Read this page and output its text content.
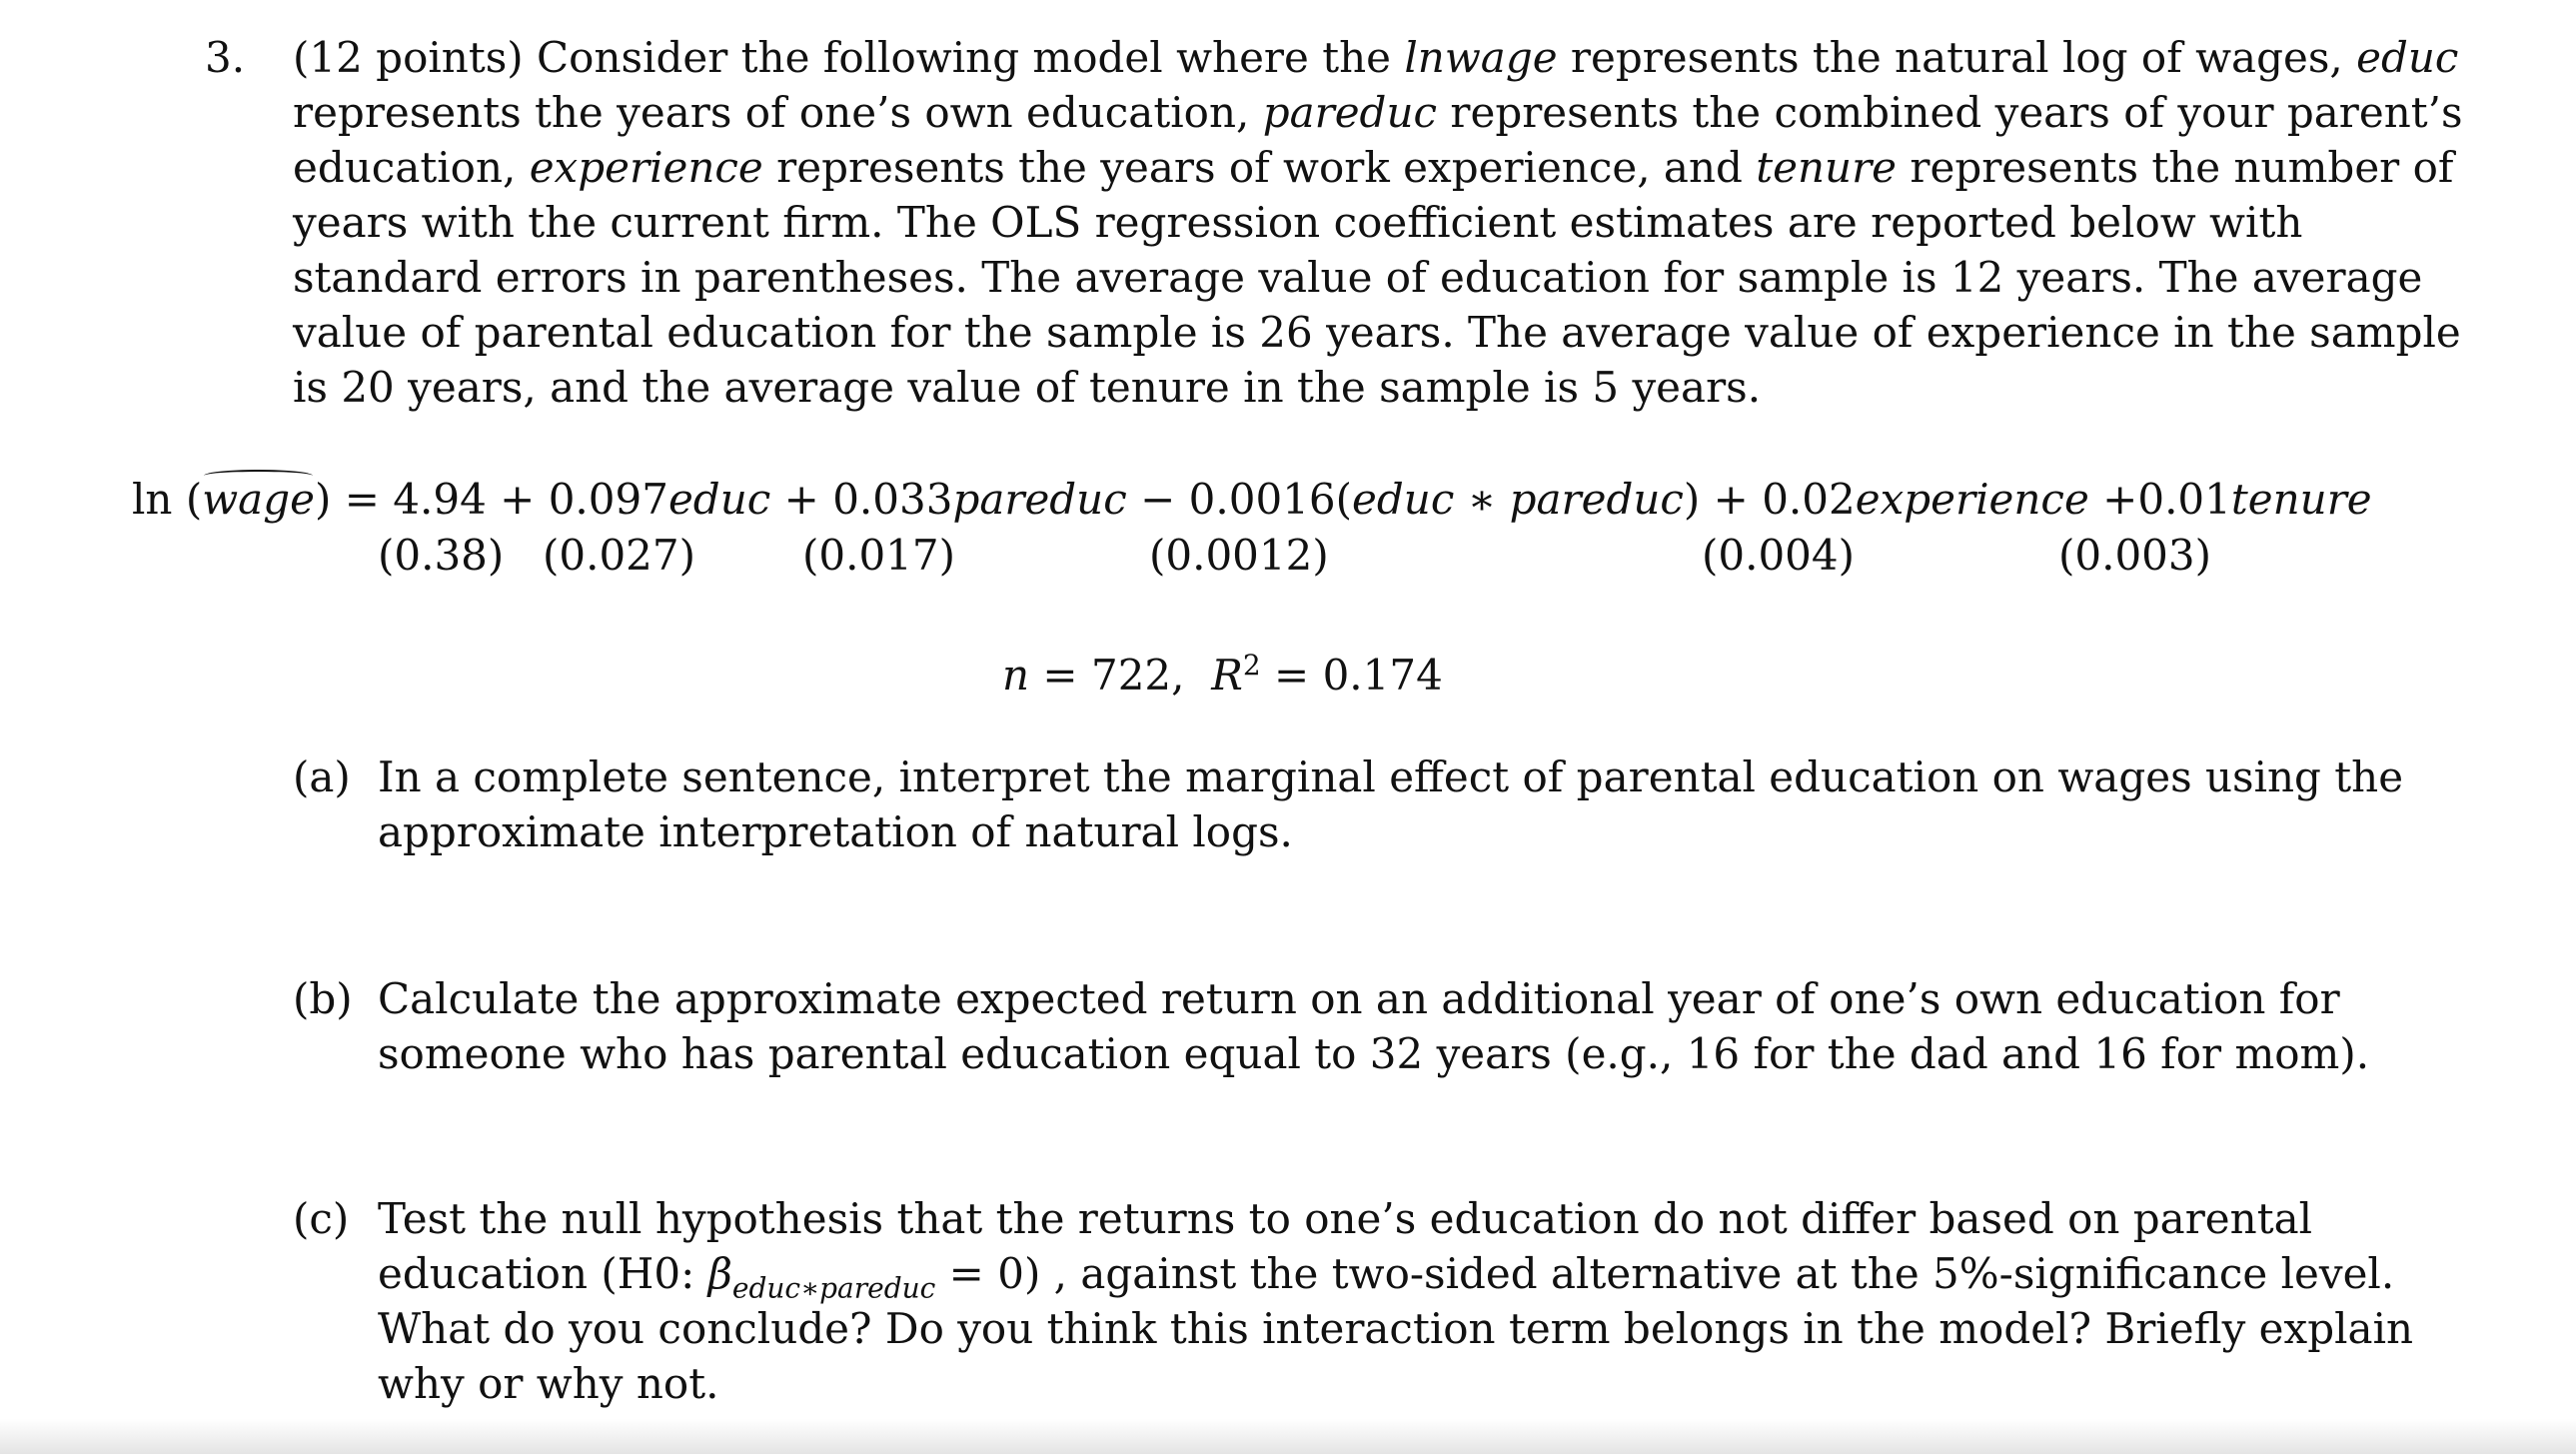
3. (12 points) Consider the following model where the lnwage represents the natural log of wages, educ
represents the years of one’s own education, pareduc represents the combined years of your parent’s
education, experience represents the years of work experience, and tenure represents the number of
years with the current firm. The OLS regression coefficient estimates are reported below with
standard errors in parentheses. The average value of education for sample is 12 years. The average
value of parental education for the sample is 26 years. The average value of experience in the sample
is 20 years, and the average value of tenure in the sample is 5 years.
ln (wage) = 4.94 + 0.097educ + 0.033pareduc − 0.0016(educ ∗ pareduc) + 0.02experience +0.01tenure
(0.38) (0.027)	(0.017)	(0.0012)	(0.004)	(0.003)
n = 722,  $R^2 = 0.174$
(a) In a complete sentence, interpret the marginal effect of parental education on wages using the
approximate interpretation of natural logs.
(b) Calculate the approximate expected return on an additional year of one’s own education for
someone who has parental education equal to 32 years (e.g., 16 for the dad and 16 for mom).
(c) Test the null hypothesis that the returns to one’s education do not differ based on parental
education (H0: $\beta_{educ∗pareduc} = 0$) , against the two-sided alternative at the 5%-significance level.
What do you conclude? Do you think this interaction term belongs in the model? Briefly explain
why or why not.
